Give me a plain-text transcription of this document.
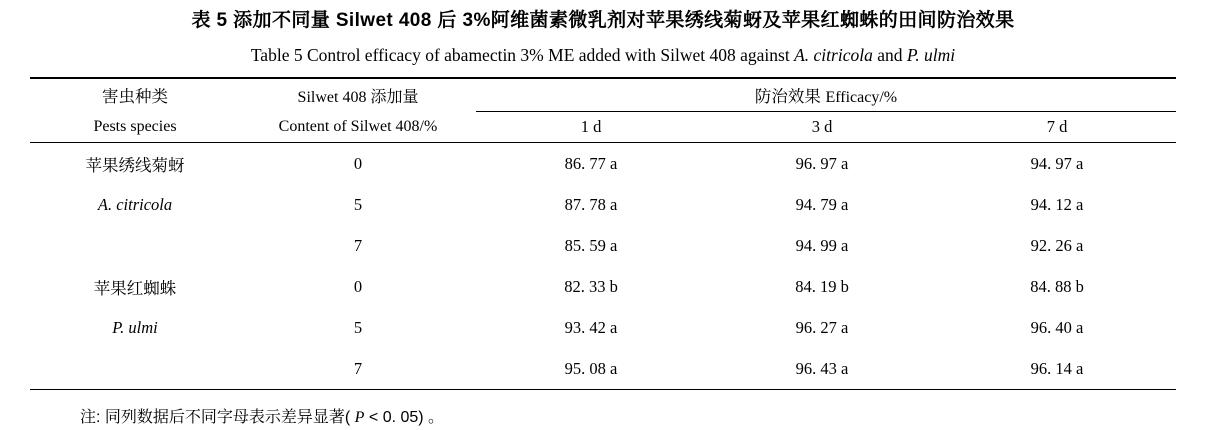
表 5 添加不同量 Silwet 408 后 3%阿维菌素微乳剂对苹果绣线菊蚜及苹果红蜘蛛的田间防治效果
Table 5 Control efficacy of abamectin 3% ME added with Silwet 408 against A. citricola and P. ulmi

害虫种类	Silwet 408 添加量	防治效果 Efficacy/%		
Pests species	Content of Silwet 408/%	1 d	3 d	7 d

苹果绣线菊蚜	0	86. 77 a	96. 97 a	94. 97 a
A. citricola	5	87. 78 a	94. 79 a	94. 12 a
	7	85. 59 a	94. 99 a	92. 26 a
苹果红蜘蛛	0	82. 33 b	84. 19 b	84. 88 b
P. ulmi	5	93. 42 a	96. 27 a	96. 40 a
	7	95. 08 a	96. 43 a	96. 14 a

注: 同列数据后不同字母表示差异显著( P < 0. 05) 。
